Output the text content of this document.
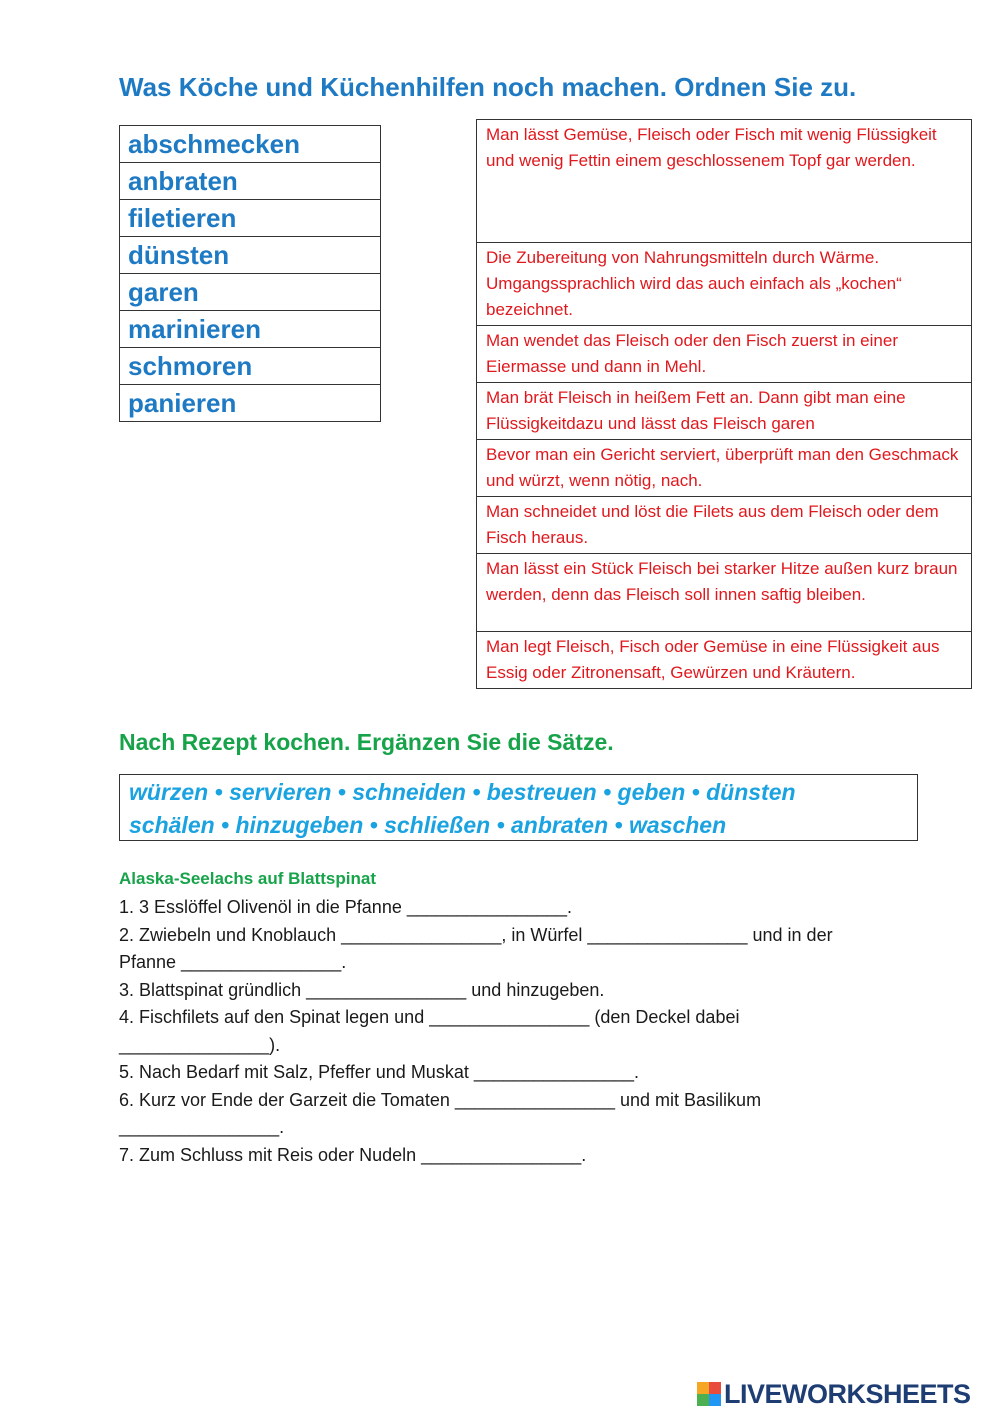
Was Köche und Küchenhilfen noch machen. Ordnen Sie zu.
abschmecken
anbraten
filetieren
dünsten
garen
marinieren
schmoren
panieren
Man lässt Gemüse, Fleisch oder Fisch mit wenig Flüssigkeit und wenig Fettin einem geschlossenem Topf gar werden.
Die Zubereitung von Nahrungsmitteln durch Wärme. Umgangssprachlich wird das auch einfach als „kochen“ bezeichnet.
Man wendet das Fleisch oder den Fisch zuerst in einer Eiermasse und dann in Mehl.
Man brät Fleisch in heißem Fett an. Dann gibt man eine Flüssigkeitdazu und lässt das Fleisch garen
Bevor man ein Gericht serviert, überprüft man den Geschmack und würzt, wenn nötig, nach.
Man schneidet und löst die Filets aus dem Fleisch oder dem Fisch heraus.
Man lässt ein Stück Fleisch bei starker Hitze außen kurz braun werden, denn das Fleisch soll innen saftig bleiben.
Man legt Fleisch, Fisch oder Gemüse in eine Flüssigkeit aus Essig oder Zitronensaft, Gewürzen und Kräutern.
Nach Rezept kochen. Ergänzen Sie die Sätze.
würzen • servieren • schneiden • bestreuen • geben • dünsten
schälen • hinzugeben • schließen • anbraten • waschen
Alaska-Seelachs auf Blattspinat
1. 3 Esslöffel Olivenöl in die Pfanne ________________.
2. Zwiebeln und Knoblauch ________________, in Würfel ________________ und in der
Pfanne ________________.
3. Blattspinat gründlich ________________ und hinzugeben.
4. Fischfilets auf den Spinat legen und ________________ (den Deckel dabei
_______________).
5. Nach Bedarf mit Salz, Pfeffer und Muskat ________________.
6. Kurz vor Ende der Garzeit die Tomaten ________________ und mit Basilikum
________________.
7. Zum Schluss mit Reis oder Nudeln ________________.
LIVEWORKSHEETS
